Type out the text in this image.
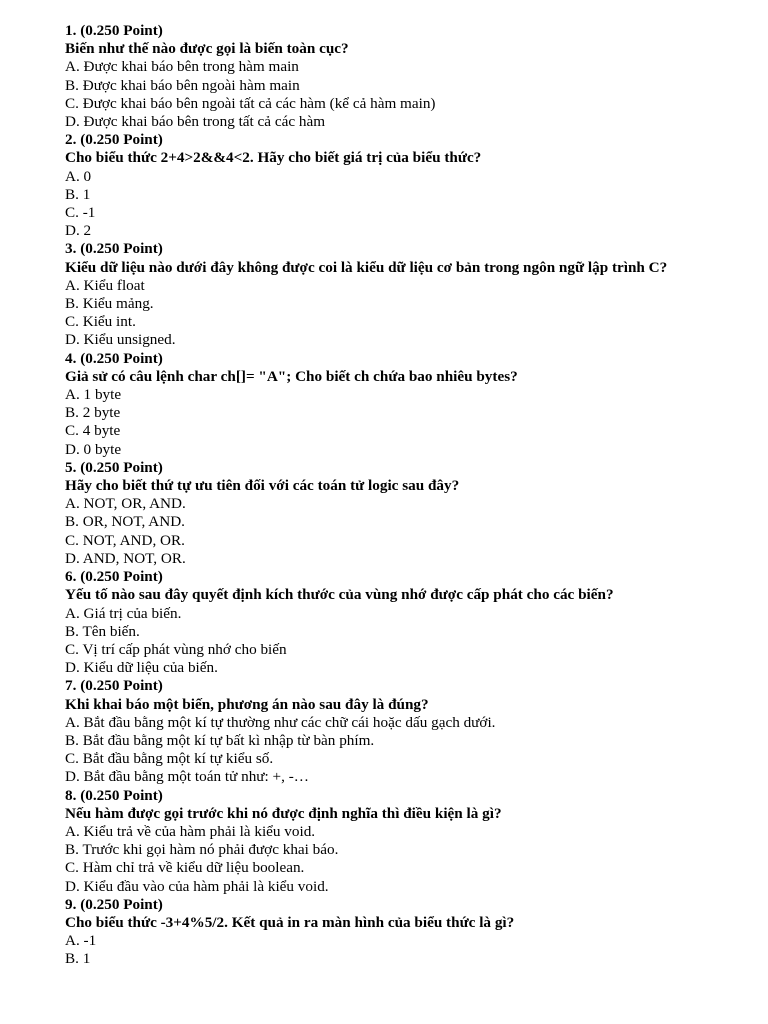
1. (0.250 Point)
Biến như thế nào được gọi là biến toàn cục?
A. Được khai báo bên trong hàm main
B. Được khai báo bên ngoài hàm main
C. Được khai báo bên ngoài tất cả các hàm (kể cả hàm main)
D. Được khai báo bên trong tất cả các hàm
2. (0.250 Point)
Cho biểu thức 2+4>2&&4<2. Hãy cho biết giá trị của biểu thức?
A. 0
B. 1
C. -1
D. 2
3. (0.250 Point)
Kiểu dữ liệu nào dưới đây không được coi là kiểu dữ liệu cơ bản trong ngôn ngữ lập trình C?
A. Kiểu float
B. Kiểu mảng.
C. Kiểu int.
D. Kiểu unsigned.
4. (0.250 Point)
Giả sử có câu lệnh char ch[]= "A"; Cho biết ch chứa bao nhiêu bytes?
A. 1 byte
B. 2 byte
C. 4 byte
D. 0 byte
5. (0.250 Point)
Hãy cho biết thứ tự ưu tiên đối với các toán tử logic sau đây?
A. NOT, OR, AND.
B. OR, NOT, AND.
C. NOT, AND, OR.
D. AND, NOT, OR.
6. (0.250 Point)
Yếu tố nào sau đây quyết định kích thước của vùng nhớ được cấp phát cho các biến?
A. Giá trị của biến.
B. Tên biến.
C. Vị trí cấp phát vùng nhớ cho biến
D. Kiểu dữ liệu của biến.
7. (0.250 Point)
Khi khai báo một biến, phương án nào sau đây là đúng?
A. Bắt đầu bằng một kí tự thường như các chữ cái hoặc dấu gạch dưới.
B. Bắt đầu bằng một kí tự bất kì nhập từ bàn phím.
C. Bắt đầu bằng một kí tự kiểu số.
D. Bắt đầu bằng một toán tử như: +, -…
8. (0.250 Point)
Nếu hàm được gọi trước khi nó được định nghĩa thì điều kiện là gì?
A. Kiểu trả về của hàm phải là kiểu void.
B. Trước khi gọi hàm nó phải được khai báo.
C. Hàm chỉ trả về kiểu dữ liệu boolean.
D. Kiểu đầu vào của hàm phải là kiểu void.
9. (0.250 Point)
Cho biểu thức -3+4%5/2. Kết quả in ra màn hình của biểu thức là gì?
A. -1
B. 1
